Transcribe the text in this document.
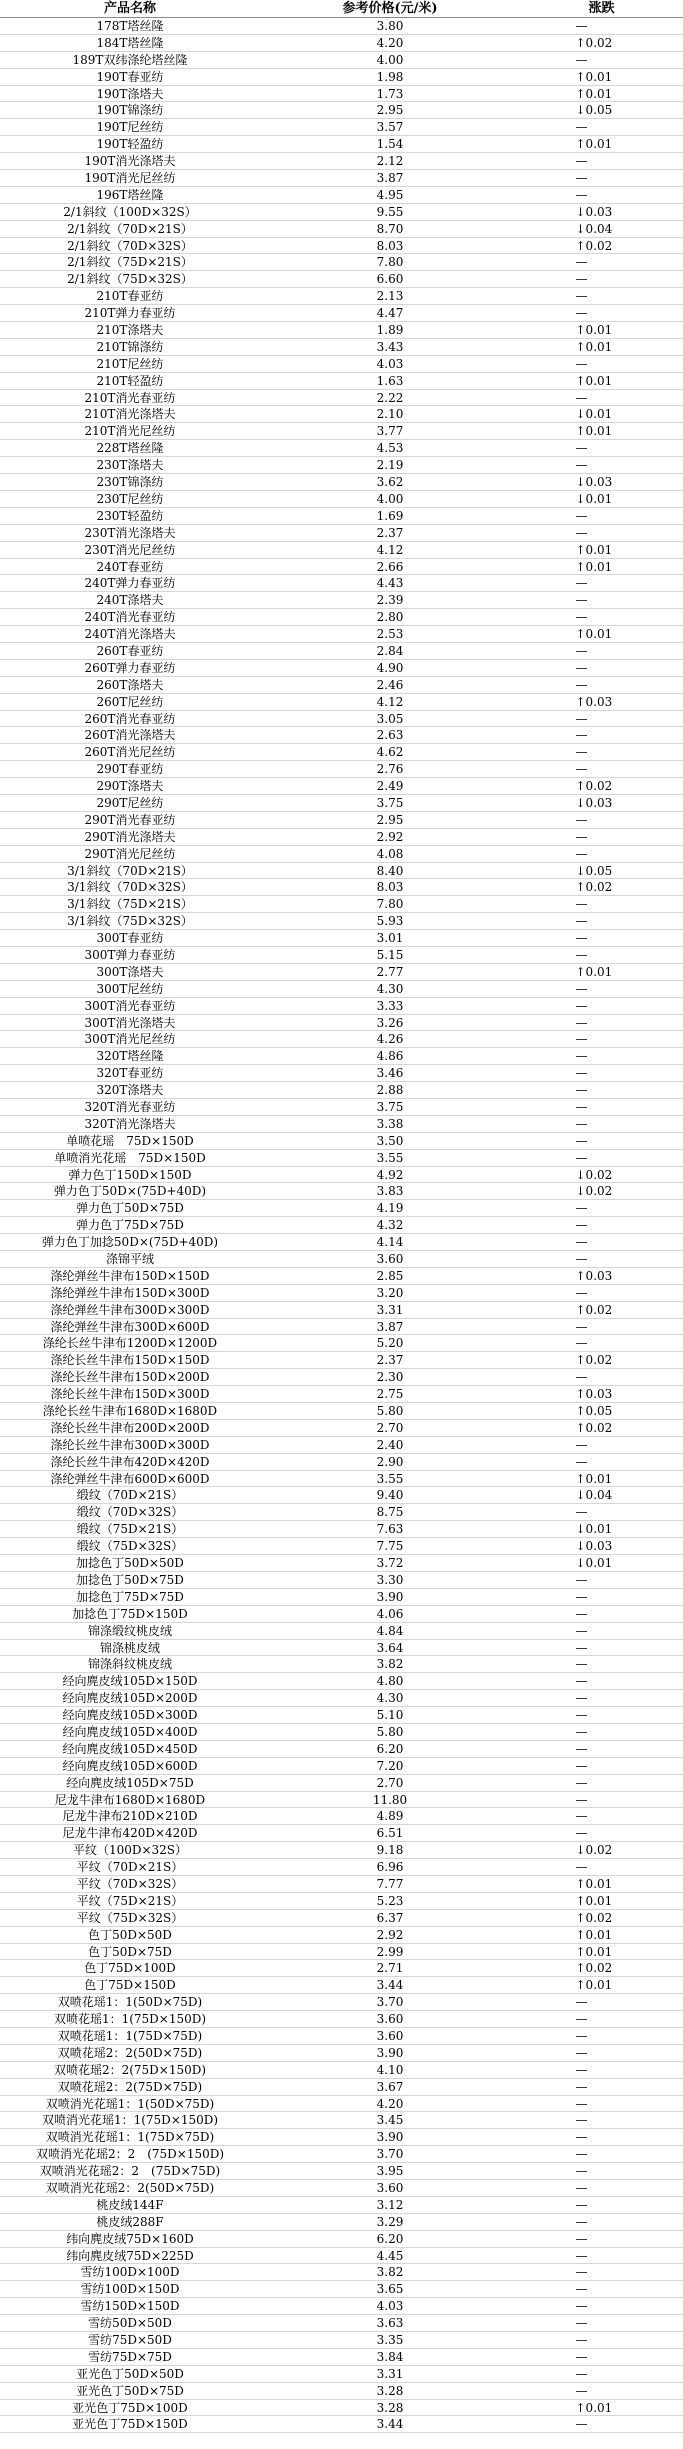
产品名称	参考价格(元/米)	涨跌
178T塔丝隆	3.80	—
184T塔丝隆	4.20	↑0.02
189T双纬涤纶塔丝隆	4.00	—
190T春亚纺	1.98	↑0.01
190T涤塔夫	1.73	↑0.01
190T锦涤纺	2.95	↓0.05
190T尼丝纺	3.57	—
190T轻盈纺	1.54	↑0.01
190T消光涤塔夫	2.12	—
190T消光尼丝纺	3.87	—
196T塔丝隆	4.95	—
2/1斜纹（100D×32S）	9.55	↓0.03
2/1斜纹（70D×21S）	8.70	↓0.04
2/1斜纹（70D×32S）	8.03	↑0.02
2/1斜纹（75D×21S）	7.80	—
2/1斜纹（75D×32S）	6.60	—
210T春亚纺	2.13	—
210T弹力春亚纺	4.47	—
210T涤塔夫	1.89	↑0.01
210T锦涤纺	3.43	↑0.01
210T尼丝纺	4.03	—
210T轻盈纺	1.63	↑0.01
210T消光春亚纺	2.22	—
210T消光涤塔夫	2.10	↓0.01
210T消光尼丝纺	3.77	↑0.01
228T塔丝隆	4.53	—
230T涤塔夫	2.19	—
230T锦涤纺	3.62	↓0.03
230T尼丝纺	4.00	↓0.01
230T轻盈纺	1.69	—
230T消光涤塔夫	2.37	—
230T消光尼丝纺	4.12	↑0.01
240T春亚纺	2.66	↑0.01
240T弹力春亚纺	4.43	—
240T涤塔夫	2.39	—
240T消光春亚纺	2.80	—
240T消光涤塔夫	2.53	↑0.01
260T春亚纺	2.84	—
260T弹力春亚纺	4.90	—
260T涤塔夫	2.46	—
260T尼丝纺	4.12	↑0.03
260T消光春亚纺	3.05	—
260T消光涤塔夫	2.63	—
260T消光尼丝纺	4.62	—
290T春亚纺	2.76	—
290T涤塔夫	2.49	↑0.02
290T尼丝纺	3.75	↓0.03
290T消光春亚纺	2.95	—
290T消光涤塔夫	2.92	—
290T消光尼丝纺	4.08	—
3/1斜纹（70D×21S）	8.40	↓0.05
3/1斜纹（70D×32S）	8.03	↑0.02
3/1斜纹（75D×21S）	7.80	—
3/1斜纹（75D×32S）	5.93	—
300T春亚纺	3.01	—
300T弹力春亚纺	5.15	—
300T涤塔夫	2.77	↑0.01
300T尼丝纺	4.30	—
300T消光春亚纺	3.33	—
300T消光涤塔夫	3.26	—
300T消光尼丝纺	4.26	—
320T塔丝隆	4.86	—
320T春亚纺	3.46	—
320T涤塔夫	2.88	—
320T消光春亚纺	3.75	—
320T消光涤塔夫	3.38	—
单喷花瑶　75D×150D	3.50	—
单喷消光花瑶　75D×150D	3.55	—
弹力色丁150D×150D	4.92	↓0.02
弹力色丁50D×(75D+40D)	3.83	↓0.02
弹力色丁50D×75D	4.19	—
弹力色丁75D×75D	4.32	—
弹力色丁加捻50D×(75D+40D)	4.14	—
涤锦平绒	3.60	—
涤纶弹丝牛津布150D×150D	2.85	↑0.03
涤纶弹丝牛津布150D×300D	3.20	—
涤纶弹丝牛津布300D×300D	3.31	↑0.02
涤纶弹丝牛津布300D×600D	3.87	—
涤纶长丝牛津布1200D×1200D	5.20	—
涤纶长丝牛津布150D×150D	2.37	↑0.02
涤纶长丝牛津布150D×200D	2.30	—
涤纶长丝牛津布150D×300D	2.75	↑0.03
涤纶长丝牛津布1680D×1680D	5.80	↑0.05
涤纶长丝牛津布200D×200D	2.70	↑0.02
涤纶长丝牛津布300D×300D	2.40	—
涤纶长丝牛津布420D×420D	2.90	—
涤纶弹丝牛津布600D×600D	3.55	↑0.01
缎纹（70D×21S）	9.40	↓0.04
缎纹（70D×32S）	8.75	—
缎纹（75D×21S）	7.63	↓0.01
缎纹（75D×32S）	7.75	↓0.03
加捻色丁50D×50D	3.72	↓0.01
加捻色丁50D×75D	3.30	—
加捻色丁75D×75D	3.90	—
加捻色丁75D×150D	4.06	—
锦涤缎纹桃皮绒	4.84	—
锦涤桃皮绒	3.64	—
锦涤斜纹桃皮绒	3.82	—
经向麂皮绒105D×150D	4.80	—
经向麂皮绒105D×200D	4.30	—
经向麂皮绒105D×300D	5.10	—
经向麂皮绒105D×400D	5.80	—
经向麂皮绒105D×450D	6.20	—
经向麂皮绒105D×600D	7.20	—
经向麂皮绒105D×75D	2.70	—
尼龙牛津布1680D×1680D	11.80	—
尼龙牛津布210D×210D	4.89	—
尼龙牛津布420D×420D	6.51	—
平纹（100D×32S）	9.18	↓0.02
平纹（70D×21S）	6.96	—
平纹（70D×32S）	7.77	↑0.01
平纹（75D×21S）	5.23	↑0.01
平纹（75D×32S）	6.37	↑0.02
色丁50D×50D	2.92	↑0.01
色丁50D×75D	2.99	↑0.01
色丁75D×100D	2.71	↑0.02
色丁75D×150D	3.44	↑0.01
双喷花瑶1：1(50D×75D)	3.70	—
双喷花瑶1：1(75D×150D)	3.60	—
双喷花瑶1：1(75D×75D)	3.60	—
双喷花瑶2：2(50D×75D)	3.90	—
双喷花瑶2：2(75D×150D)	4.10	—
双喷花瑶2：2(75D×75D)	3.67	—
双喷消光花瑶1：1(50D×75D)	4.20	—
双喷消光花瑶1：1(75D×150D)	3.45	—
双喷消光花瑶1：1(75D×75D)	3.90	—
双喷消光花瑶2：2　(75D×150D)	3.70	—
双喷消光花瑶2：2　(75D×75D)	3.95	—
双喷消光花瑶2：2(50D×75D)	3.60	—
桃皮绒144F	3.12	—
桃皮绒288F	3.29	—
纬向麂皮绒75D×160D	6.20	—
纬向麂皮绒75D×225D	4.45	—
雪纺100D×100D	3.82	—
雪纺100D×150D	3.65	—
雪纺150D×150D	4.03	—
雪纺50D×50D	3.63	—
雪纺75D×50D	3.35	—
雪纺75D×75D	3.84	—
亚光色丁50D×50D	3.31	—
亚光色丁50D×75D	3.28	—
亚光色丁75D×100D	3.28	↑0.01
亚光色丁75D×150D	3.44	—
